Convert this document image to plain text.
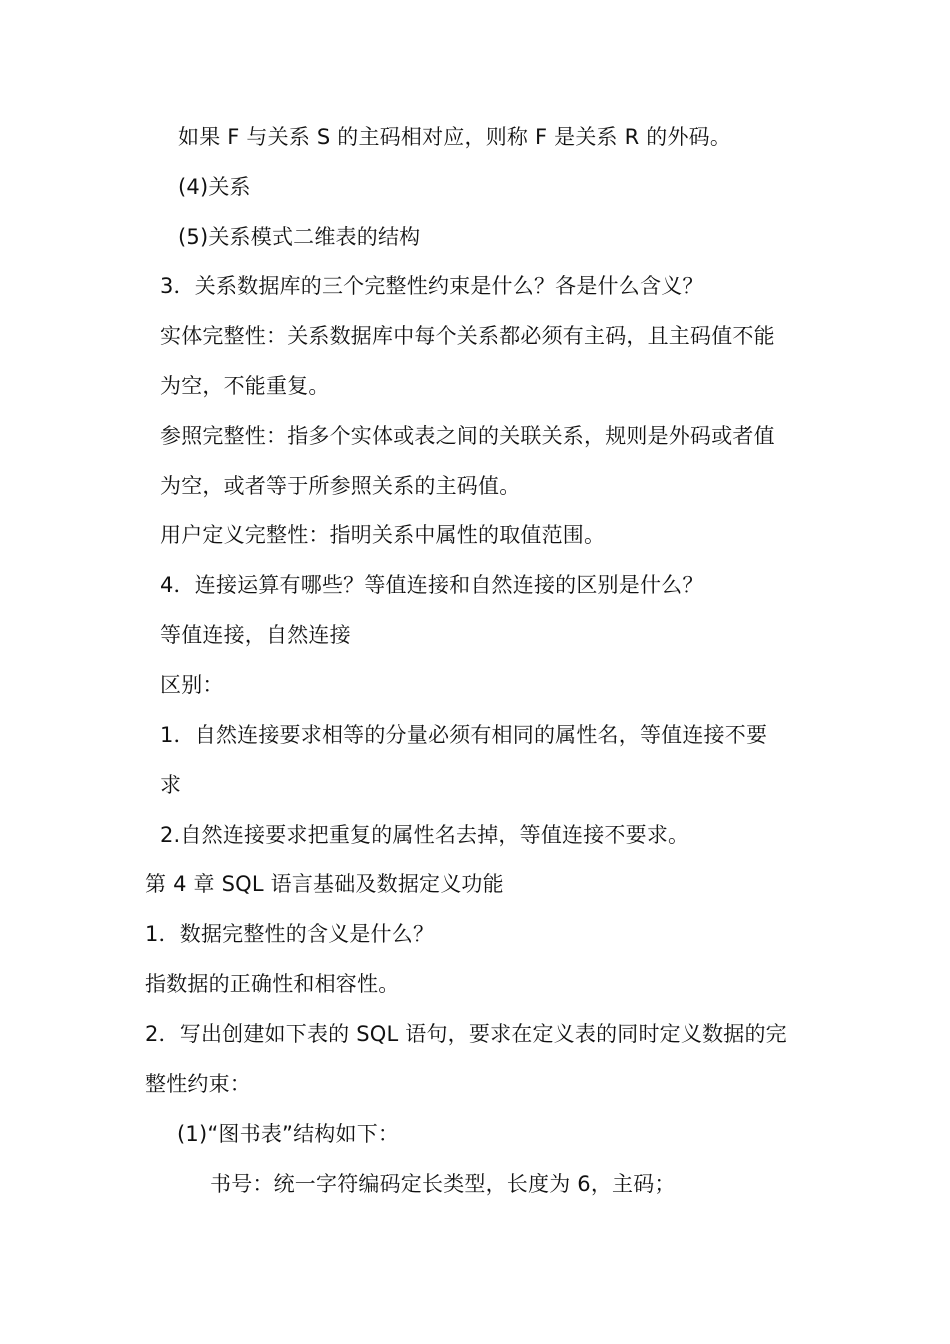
如果 F 与关系 S 的主码相对应，则称 F 是关系 R 的外码。
(4)关系
(5)关系模式二维表的结构
3．关系数据库的三个完整性约束是什么？各是什么含义？
实体完整性：关系数据库中每个关系都必须有主码，且主码值不能
为空，不能重复。
参照完整性：指多个实体或表之间的关联关系，规则是外码或者值
为空，或者等于所参照关系的主码值。
用户定义完整性：指明关系中属性的取值范围。
4．连接运算有哪些？等值连接和自然连接的区别是什么？
等值连接，自然连接
区别：
1．自然连接要求相等的分量必须有相同的属性名，等值连接不要
求
2.自然连接要求把重复的属性名去掉，等值连接不要求。
第 4 章 SQL 语言基础及数据定义功能
1．数据完整性的含义是什么？
指数据的正确性和相容性。
2．写出创建如下表的 SQL 语句，要求在定义表的同时定义数据的完
整性约束：
(1)“图书表”结构如下：
书号：统一字符编码定长类型，长度为 6，主码；
